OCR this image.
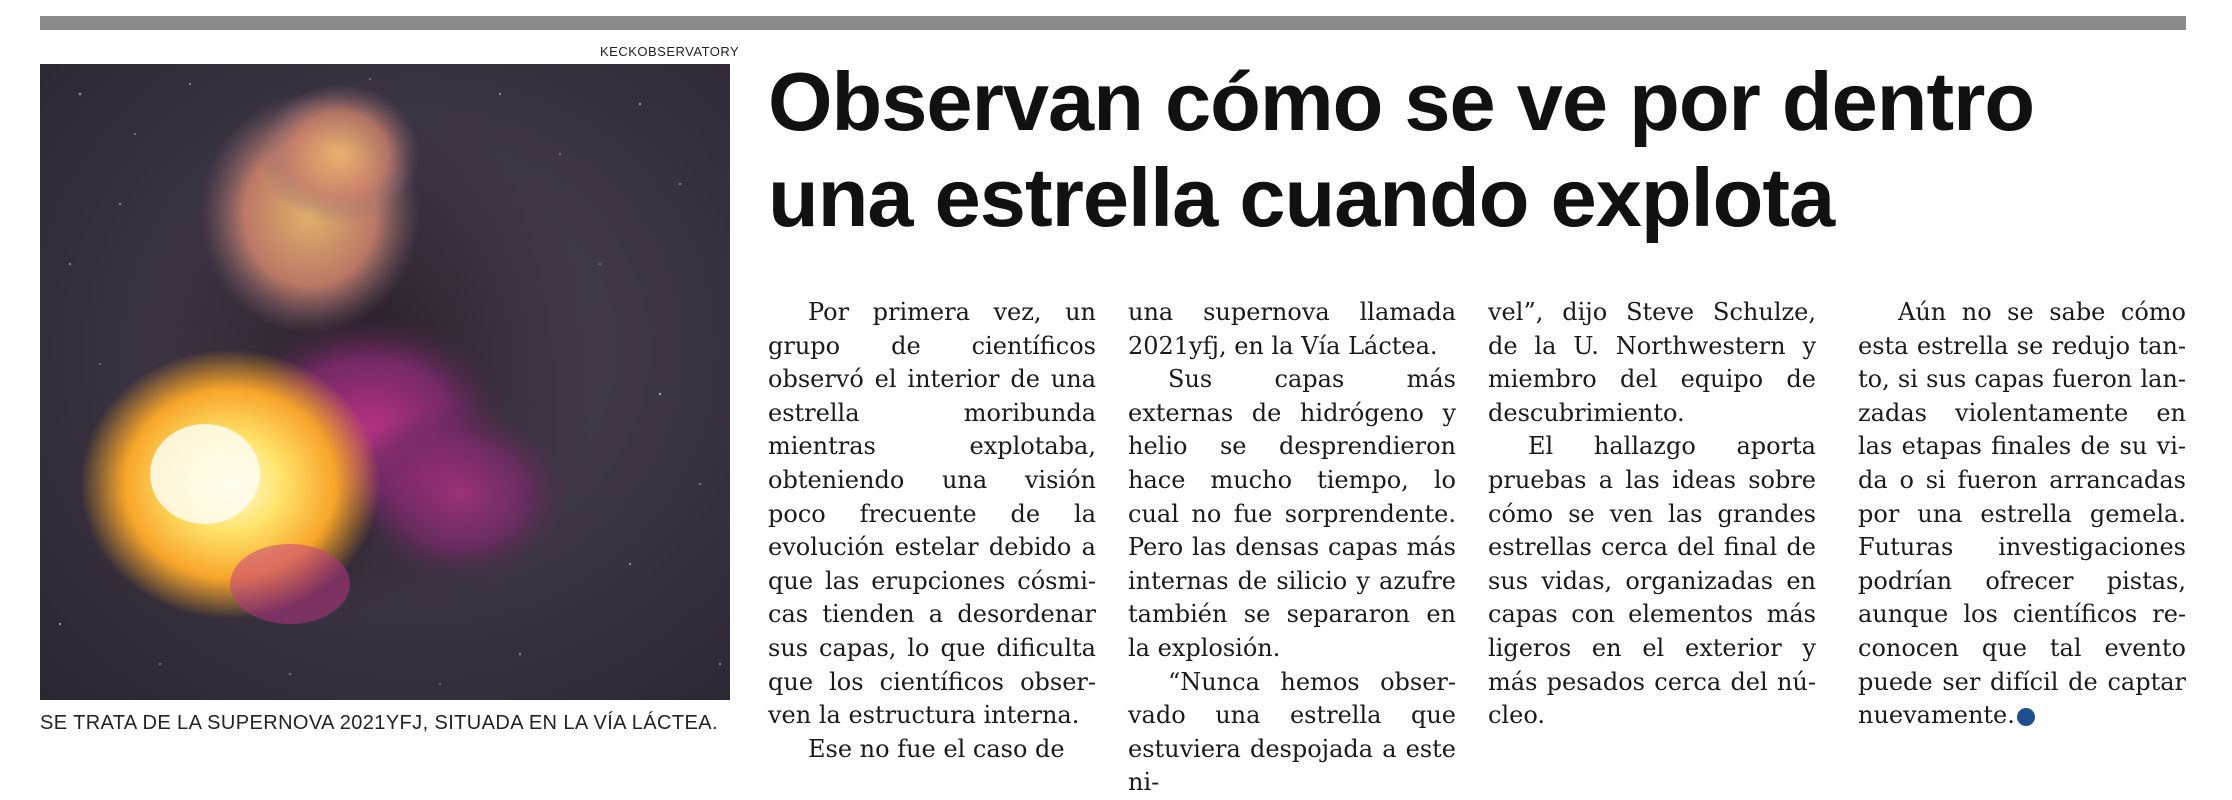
KECKOBSERVATORY
SE TRATA DE LA SUPERNOVA 2021YFJ, SITUADA EN LA VÍA LÁCTEA.
Observan cómo se ve por dentro
una estrella cuando explota

Por primera vez, un grupo de científicos observó el interior de una estrella moribunda mientras explotaba, obteniendo una visión poco frecuente de la evolución estelar debido a que las erupciones cósmicas tienden a desordenar sus capas, lo que dificulta que los científicos observen la estructura interna.

Ese no fue el caso de

una supernova llamada 2021yfj, en la Vía Láctea.

Sus capas más externas de hidrógeno y helio se desprendieron hace mucho tiempo, lo cual no fue sorprendente. Pero las densas capas más internas de silicio y azufre también se separaron en la explosión.

“Nunca hemos observado una estrella que estuviera despojada a este ni-

vel”, dijo Steve Schulze, de la U. Northwestern y miembro del equipo de descubrimiento.

El hallazgo aporta pruebas a las ideas sobre cómo se ven las grandes estrellas cerca del final de sus vidas, organizadas en capas con elementos más ligeros en el exterior y más pesados cerca del núcleo.

Aún no se sabe cómo esta estrella se redujo tanto, si sus capas fueron lanzadas violentamente en las etapas finales de su vida o si fueron arrancadas por una estrella gemela. Futuras investigaciones podrían ofrecer pistas, aunque los científicos reconocen que tal evento puede ser difícil de captar nuevamente.	✪
